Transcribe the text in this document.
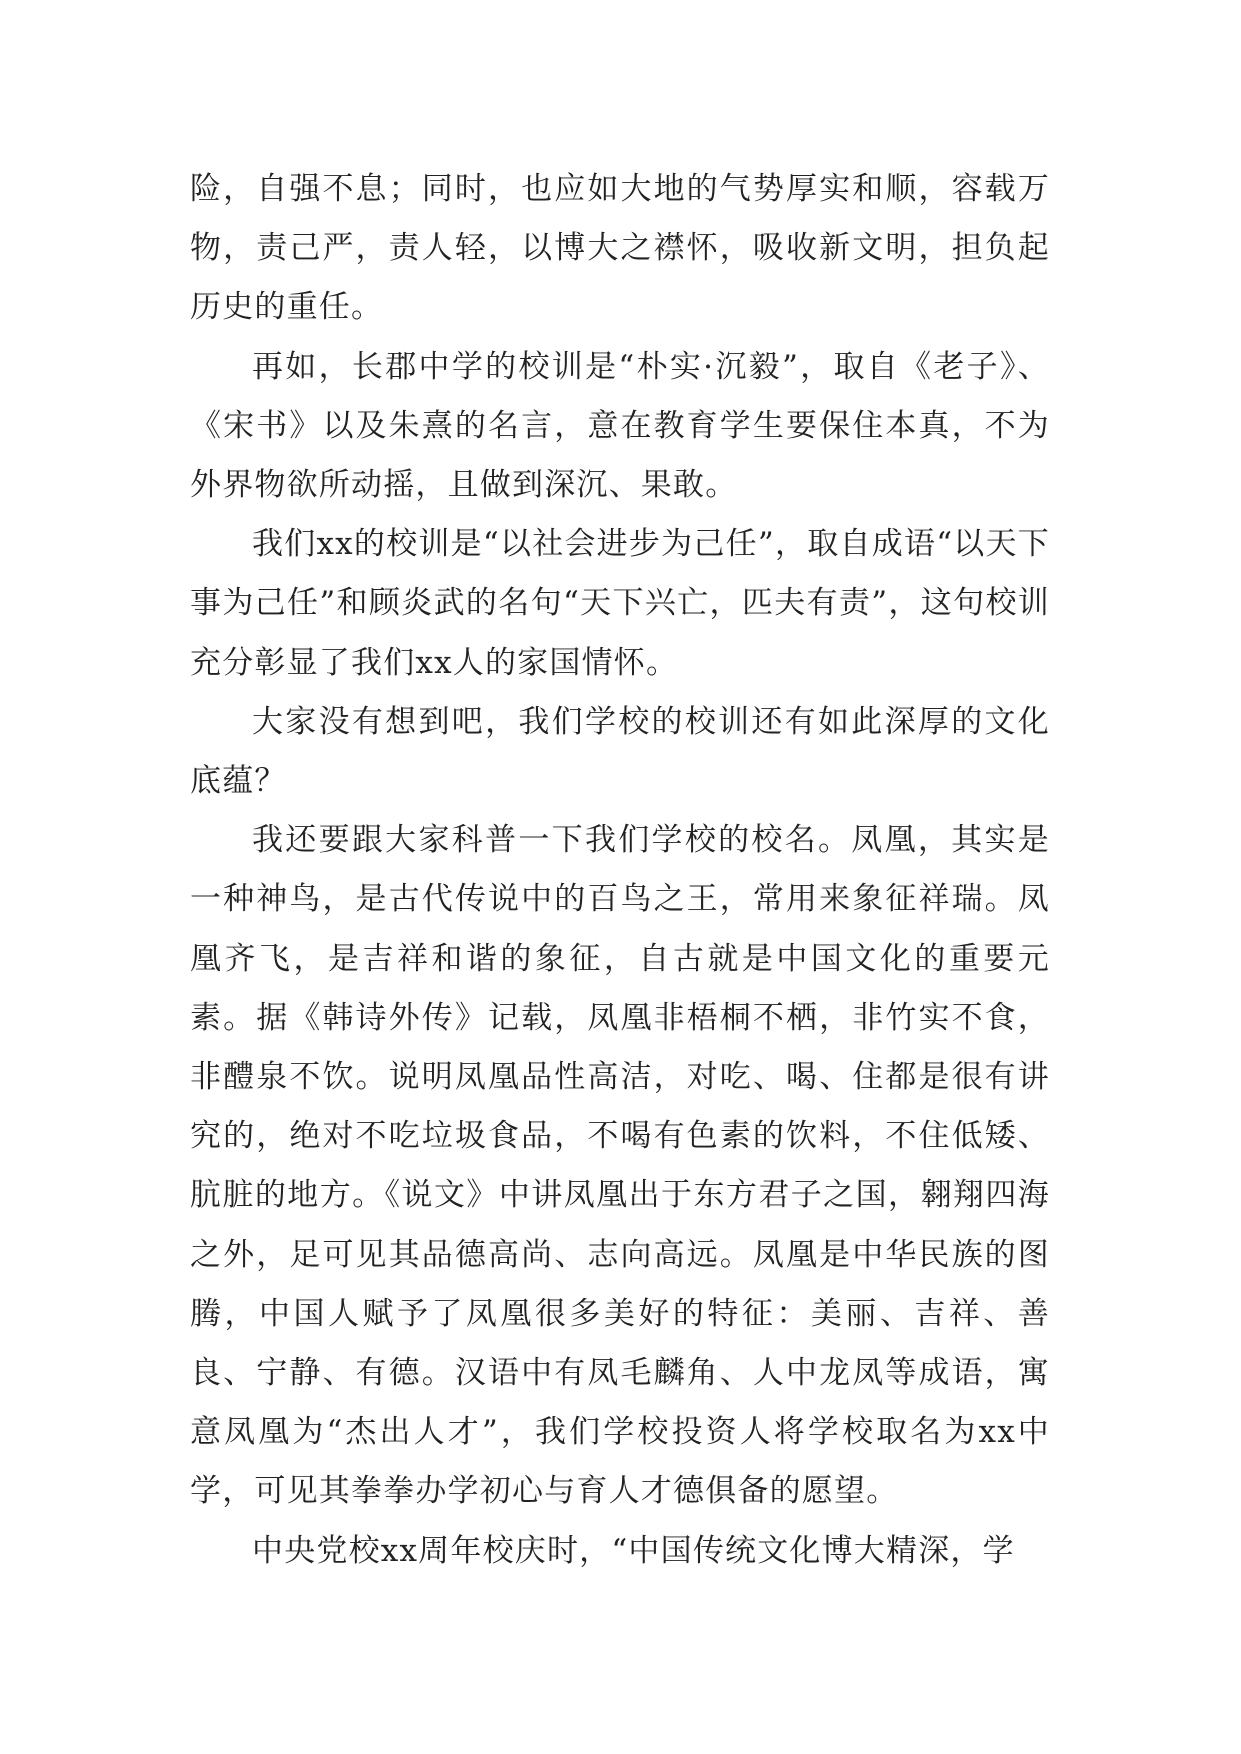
险，自强不息；同时，也应如大地的气势厚实和顺，容载万物，责己严，责人轻，以博大之襟怀，吸收新文明，担负起历史的重任。

再如，长郡中学的校训是“朴实·沉毅”，取自《老子》、《宋书》以及朱熹的名言，意在教育学生要保住本真，不为外界物欲所动摇，且做到深沉、果敢。

我们xx的校训是“以社会进步为己任”，取自成语“以天下事为己任”和顾炎武的名句“天下兴亡，匹夫有责”，这句校训充分彰显了我们xx人的家国情怀。

大家没有想到吧，我们学校的校训还有如此深厚的文化底蕴？

我还要跟大家科普一下我们学校的校名。凤凰，其实是一种神鸟，是古代传说中的百鸟之王，常用来象征祥瑞。凤凰齐飞，是吉祥和谐的象征，自古就是中国文化的重要元素。据《韩诗外传》记载，凤凰非梧桐不栖，非竹实不食，非醴泉不饮。说明凤凰品性高洁，对吃、喝、住都是很有讲究的，绝对不吃垃圾食品，不喝有色素的饮料，不住低矮、肮脏的地方。《说文》中讲凤凰出于东方君子之国，翱翔四海之外，足可见其品德高尚、志向高远。凤凰是中华民族的图腾，中国人赋予了凤凰很多美好的特征：美丽、吉祥、善良、宁静、有德。汉语中有凤毛麟角、人中龙凤等成语，寓意凤凰为“杰出人才”，我们学校投资人将学校取名为xx中学，可见其拳拳办学初心与育人才德俱备的愿望。

中央党校xx周年校庆时，“中国传统文化博大精深，学
